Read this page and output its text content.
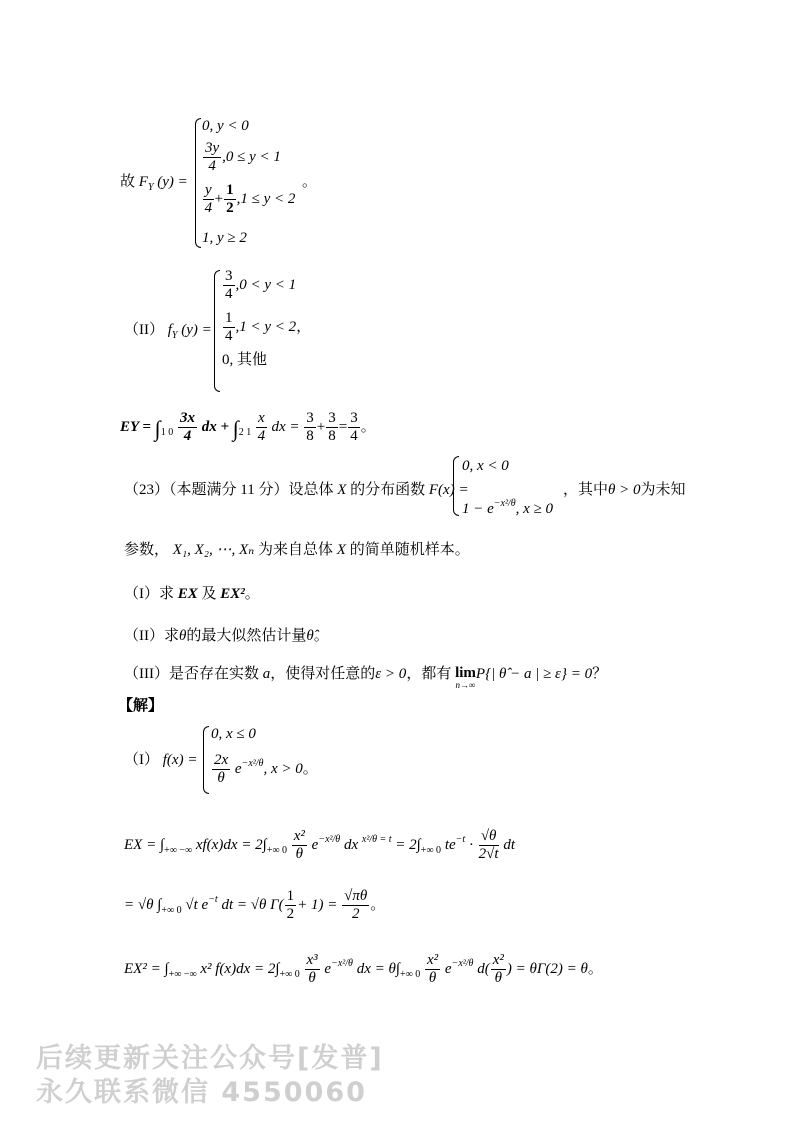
故 $F_Y$ (y) =
0, y < 0
$\frac{3y}{4} ,0 \le y < 1$
$\frac{y}{4} + \frac{1}{2} ,1 \le y < 2$
1, y ≥ 2
。
（II） $f_Y$ (y) =
$\frac{3}{4} ,0 < y < 1$
$\frac{1}{4} ,1 < y < 2$，
0, 其他
EY = $\int_{1 0} \frac{3x}{4}$ dx + $\int_{2 1} \frac{x}{4}$ dx = $\frac{3}{8} + \frac{3}{8} = \frac{3}{4}$ 。
（23）（本题满分 11 分）设总体 X 的分布函数 F(x) =
0, x < 0
$1 - e^{-x^2/\theta}$, x ≥ 0
，其中θ > 0为未知
参数， X₁, X₂, ⋯, Xₙ 为来自总体 X 的简单随机样本。
（I）求 EX 及 EX²。
（II）求θ的最大似然估计量θ̂。
（III）是否存在实数 a，使得对任意的ε > 0，都有 lim
n→∞
P{| θ̂ − a | ≥ ε} = 0？
【解】
（I） f(x) =
0, x ≤ 0
$\frac{2x}{\theta} e^{-x^2/\theta}$, x > 0。
EX = $\int_{+\infty -\infty}$ $xf(x)dx = 2\int_{+\infty 0} \frac{\text{x²}}{\theta} e^{-x^2/\theta}$ dx $^{x^2/\theta = t} = 2\int_{+\infty 0}$ $te^{-t} \cdot \frac{√\theta}{2√t}$ dt
= √θ $\int_{+\infty 0}$ √t $e^{-t}$ dt = √θ $\Gamma( \frac{1}{2} + 1) = \frac{√\pi\theta}{2}$ 。
$EX^2 = \int_{+\infty -\infty}$ x² $f(x)dx = 2\int_{+\infty 0} \frac{\text{x³}}{\theta} e^{-x^2/\theta}$ dx = $\theta\int_{+\infty 0} \frac{\text{x²}}{\theta} e^{-x^2/\theta}$ $d( \frac{\text{x²}}{\theta}$ ) = θΓ(2) = θ。
后续更新关注公众号[发普]
永久联系微信 4550060
